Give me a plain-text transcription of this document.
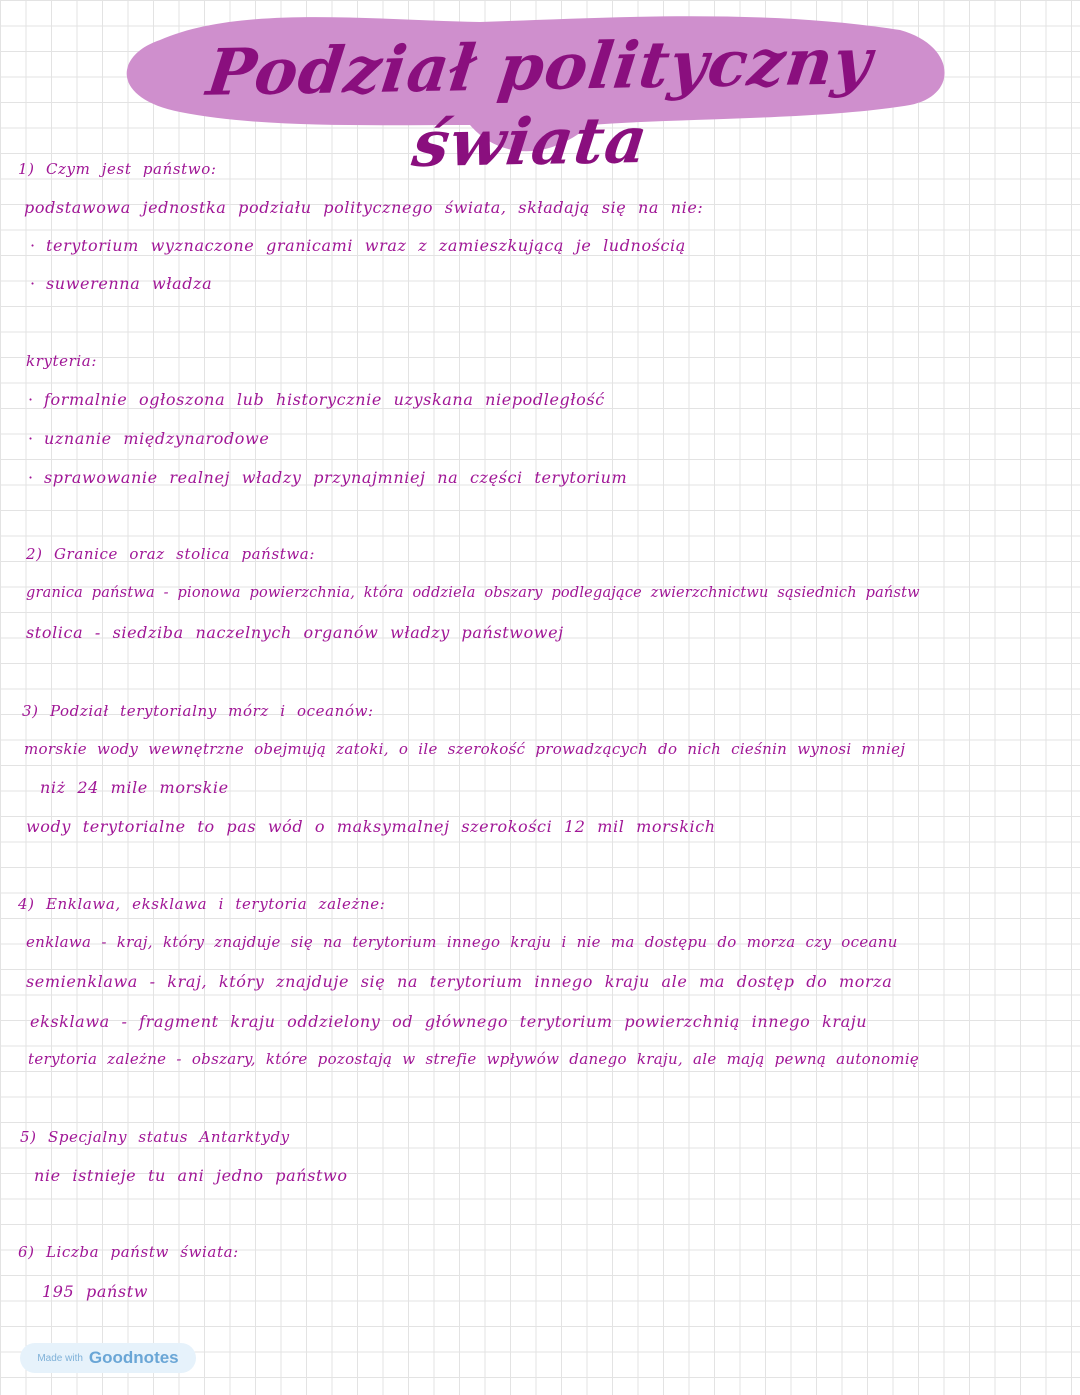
Podział polityczny świata
1) Czym jest państwo:
podstawowa jednostka podziału politycznego świata, składają się na nie:
· terytorium wyznaczone granicami wraz z zamieszkującą je ludnością
· suwerenna władza
kryteria:
· formalnie ogłoszona lub historycznie uzyskana niepodległość
· uznanie międzynarodowe
· sprawowanie realnej władzy przynajmniej na części terytorium
2) Granice oraz stolica państwa:
granica państwa - pionowa powierzchnia, która oddziela obszary podlegające zwierzchnictwu sąsiednich państw
stolica - siedziba naczelnych organów władzy państwowej
3) Podział terytorialny mórz i oceanów:
morskie wody wewnętrzne obejmują zatoki, o ile szerokość prowadzących do nich cieśnin wynosi mniej
niż 24 mile morskie
wody terytorialne to pas wód o maksymalnej szerokości 12 mil morskich
4) Enklawa, eksklawa i terytoria zależne:
enklawa - kraj, który znajduje się na terytorium innego kraju i nie ma dostępu do morza czy oceanu
semienklawa - kraj, który znajduje się na terytorium innego kraju ale ma dostęp do morza
eksklawa - fragment kraju oddzielony od głównego terytorium powierzchnią innego kraju
terytoria zależne - obszary, które pozostają w strefie wpływów danego kraju, ale mają pewną autonomię
5) Specjalny status Antarktydy
nie istnieje tu ani jedno państwo
6) Liczba państw świata:
195 państw
Made with Goodnotes
